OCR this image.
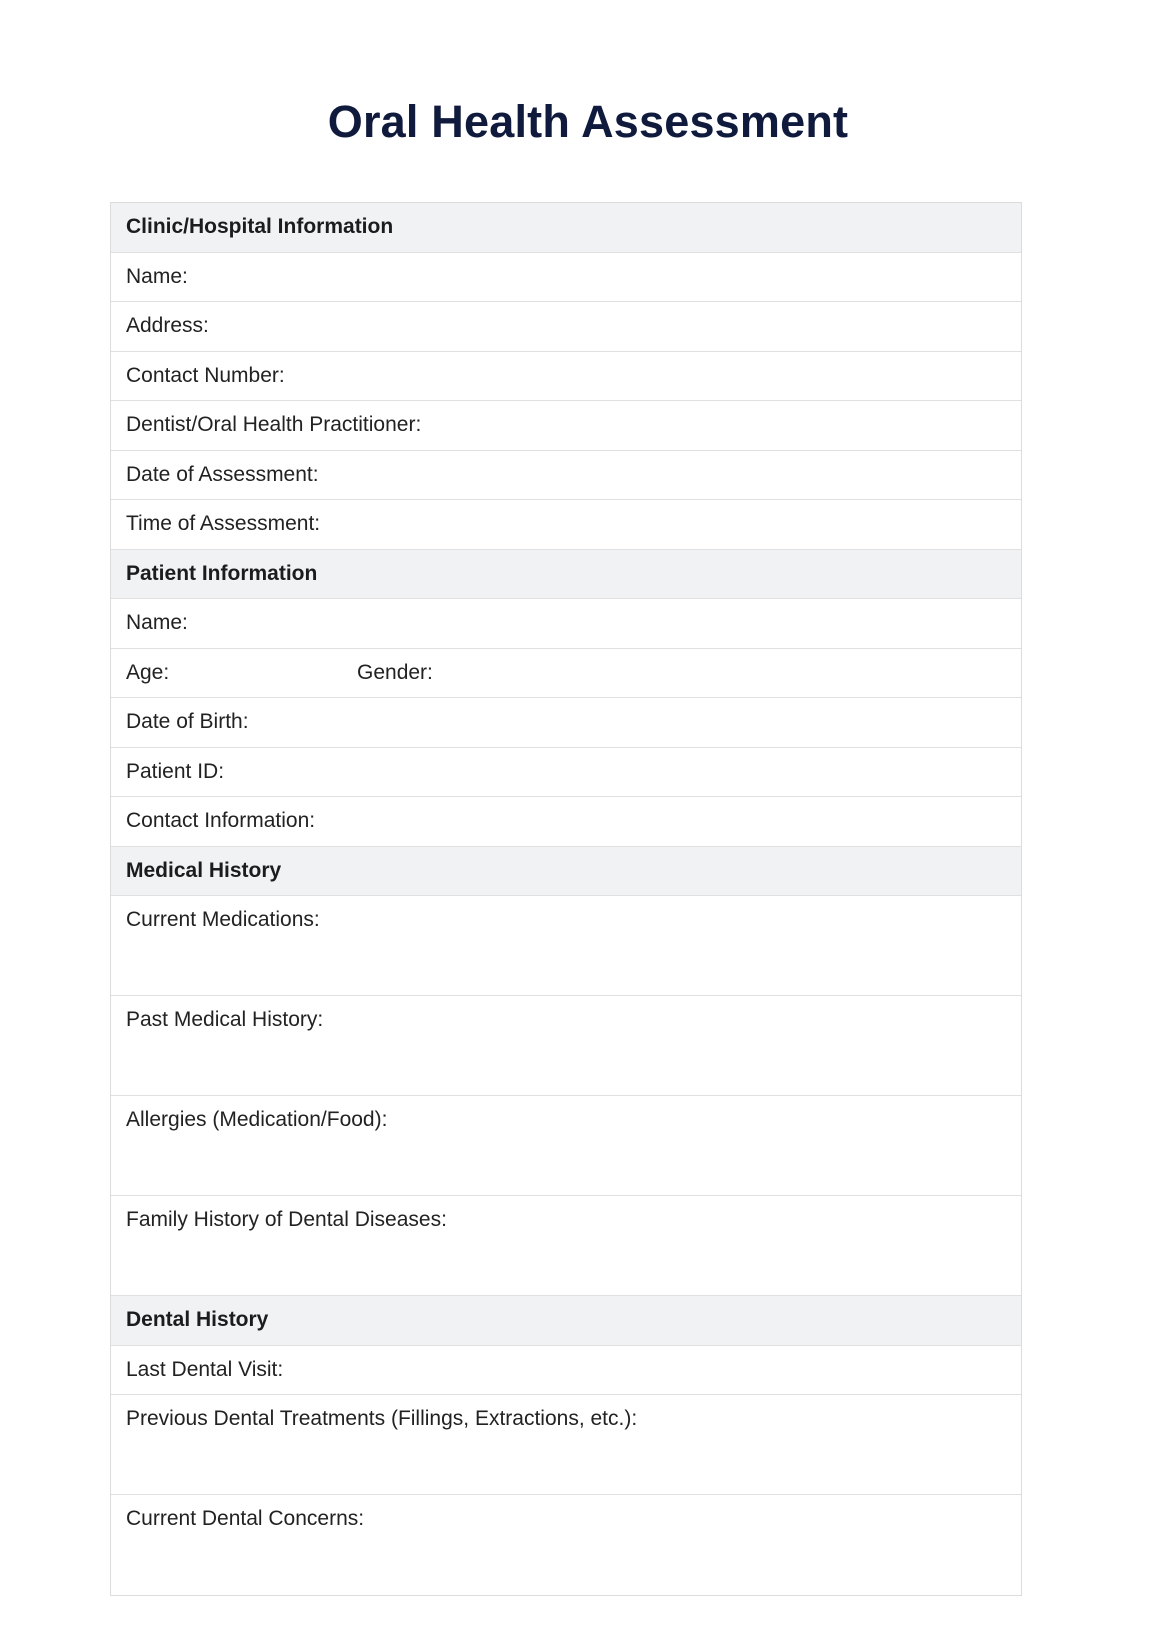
Oral Health Assessment
Clinic/Hospital Information
Name:
Address:
Contact Number:
Dentist/Oral Health Practitioner:
Date of Assessment:
Time of Assessment:
Patient Information
Name:
Age:	Gender:
Date of Birth:
Patient ID:
Contact Information:
Medical History
Current Medications:
Past Medical History:
Allergies (Medication/Food):
Family History of Dental Diseases:
Dental History
Last Dental Visit:
Previous Dental Treatments (Fillings, Extractions, etc.):
Current Dental Concerns:
